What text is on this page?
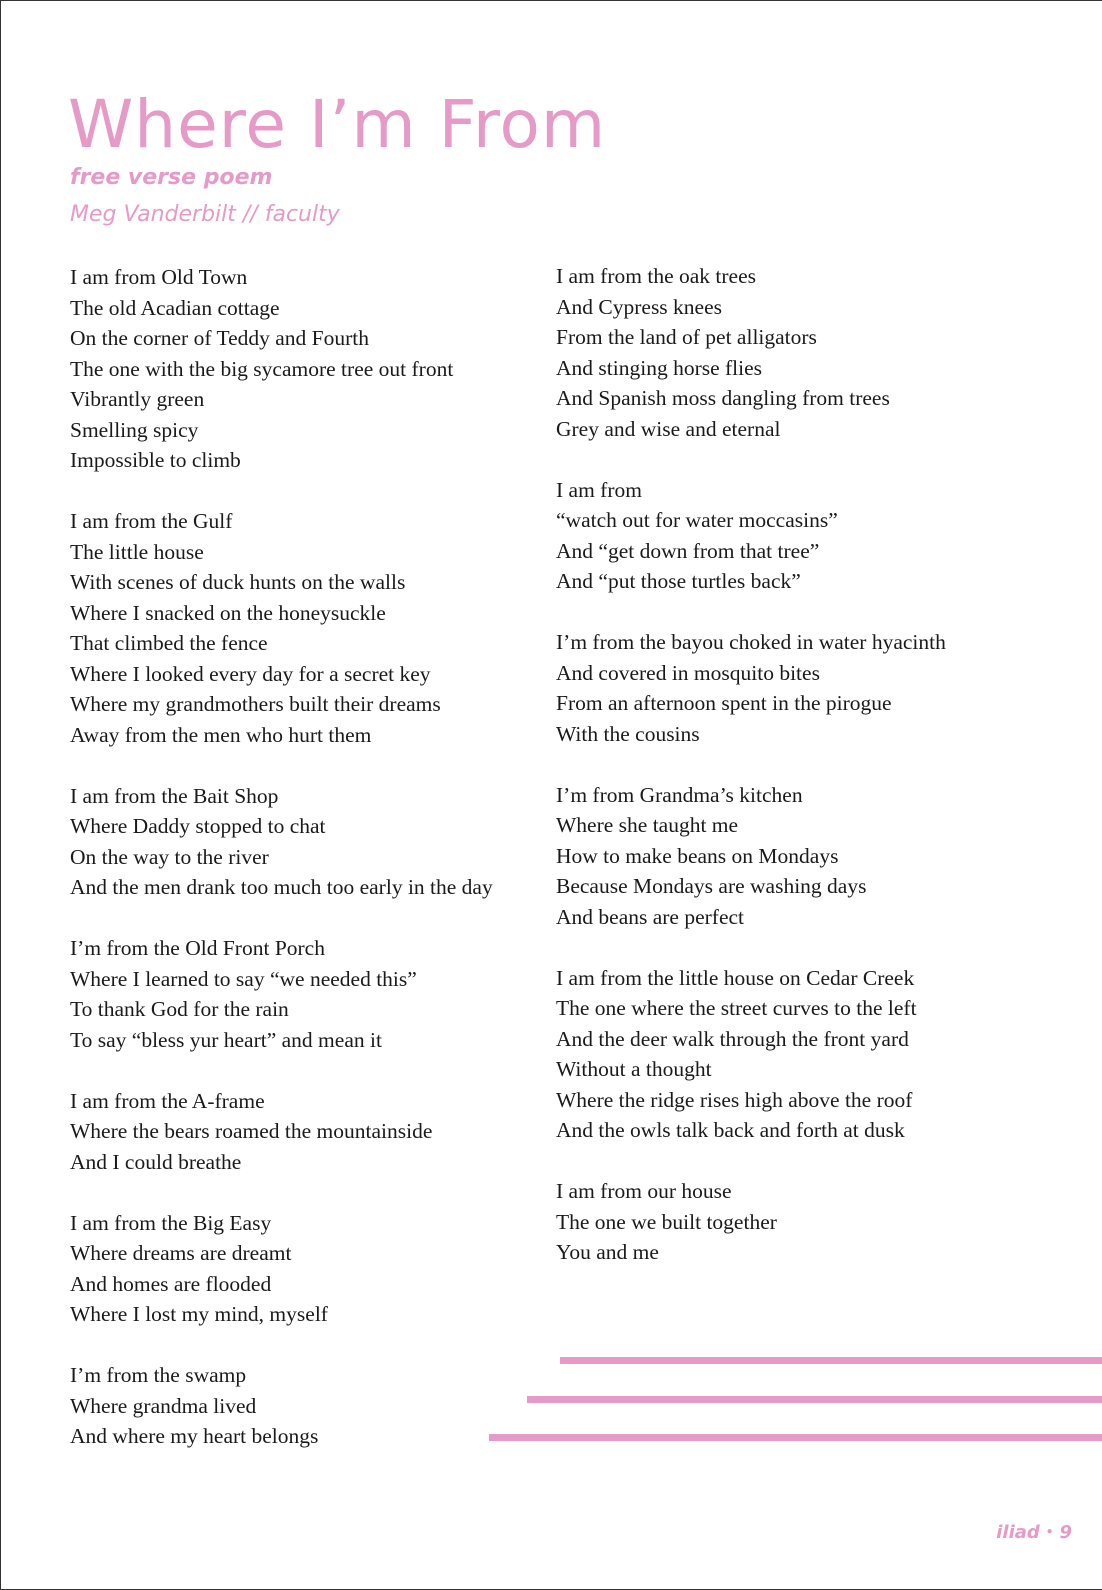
Where I’m From
free verse poem
Meg Vanderbilt // faculty
I am from Old Town
The old Acadian cottage
On the corner of Teddy and Fourth
The one with the big sycamore tree out front
Vibrantly green
Smelling spicy
Impossible to climb
I am from the Gulf
The little house
With scenes of duck hunts on the walls
Where I snacked on the honeysuckle
That climbed the fence
Where I looked every day for a secret key
Where my grandmothers built their dreams
Away from the men who hurt them
I am from the Bait Shop
Where Daddy stopped to chat
On the way to the river
And the men drank too much too early in the day
I’m from the Old Front Porch
Where I learned to say “we needed this”
To thank God for the rain
To say “bless yur heart” and mean it
I am from the A-frame
Where the bears roamed the mountainside
And I could breathe
I am from the Big Easy
Where dreams are dreamt
And homes are flooded
Where I lost my mind, myself
I’m from the swamp
Where grandma lived
And where my heart belongs
I am from the oak trees
And Cypress knees
From the land of pet alligators
And stinging horse flies
And Spanish moss dangling from trees
Grey and wise and eternal
I am from
“watch out for water moccasins”
And “get down from that tree”
And “put those turtles back”
I’m from the bayou choked in water hyacinth
And covered in mosquito bites
From an afternoon spent in the pirogue
With the cousins
I’m from Grandma’s kitchen
Where she taught me
How to make beans on Mondays
Because Mondays are washing days
And beans are perfect
I am from the little house on Cedar Creek
The one where the street curves to the left
And the deer walk through the front yard
Without a thought
Where the ridge rises high above the roof
And the owls talk back and forth at dusk
I am from our house
The one we built together
You and me
iliad • 9
